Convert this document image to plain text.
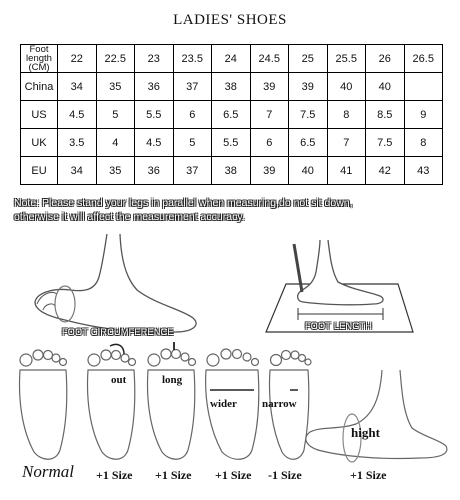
LADIES' SHOES
Foot
length
(CM)	22	22.5	23	23.5	24	24.5	25	25.5	26	26.5
China	34	35	36	37	38	39	39	40	40	
US	4.5	5	5.5	6	6.5	7	7.5	8	8.5	9
UK	3.5	4	4.5	5	5.5	6	6.5	7	7.5	8
EU	34	35	36	37	38	39	40	41	42	43
Note: Please stand your legs in parallel when measuring,do not sit down,
otherwise it will affect the measurement accuracy.
FOOT CIRCUMFERENCE
FOOT LENGTH
out	long
wider narrow
hight
Normal +1 Size +1 Size +1 Size -1 Size	+1 Size
